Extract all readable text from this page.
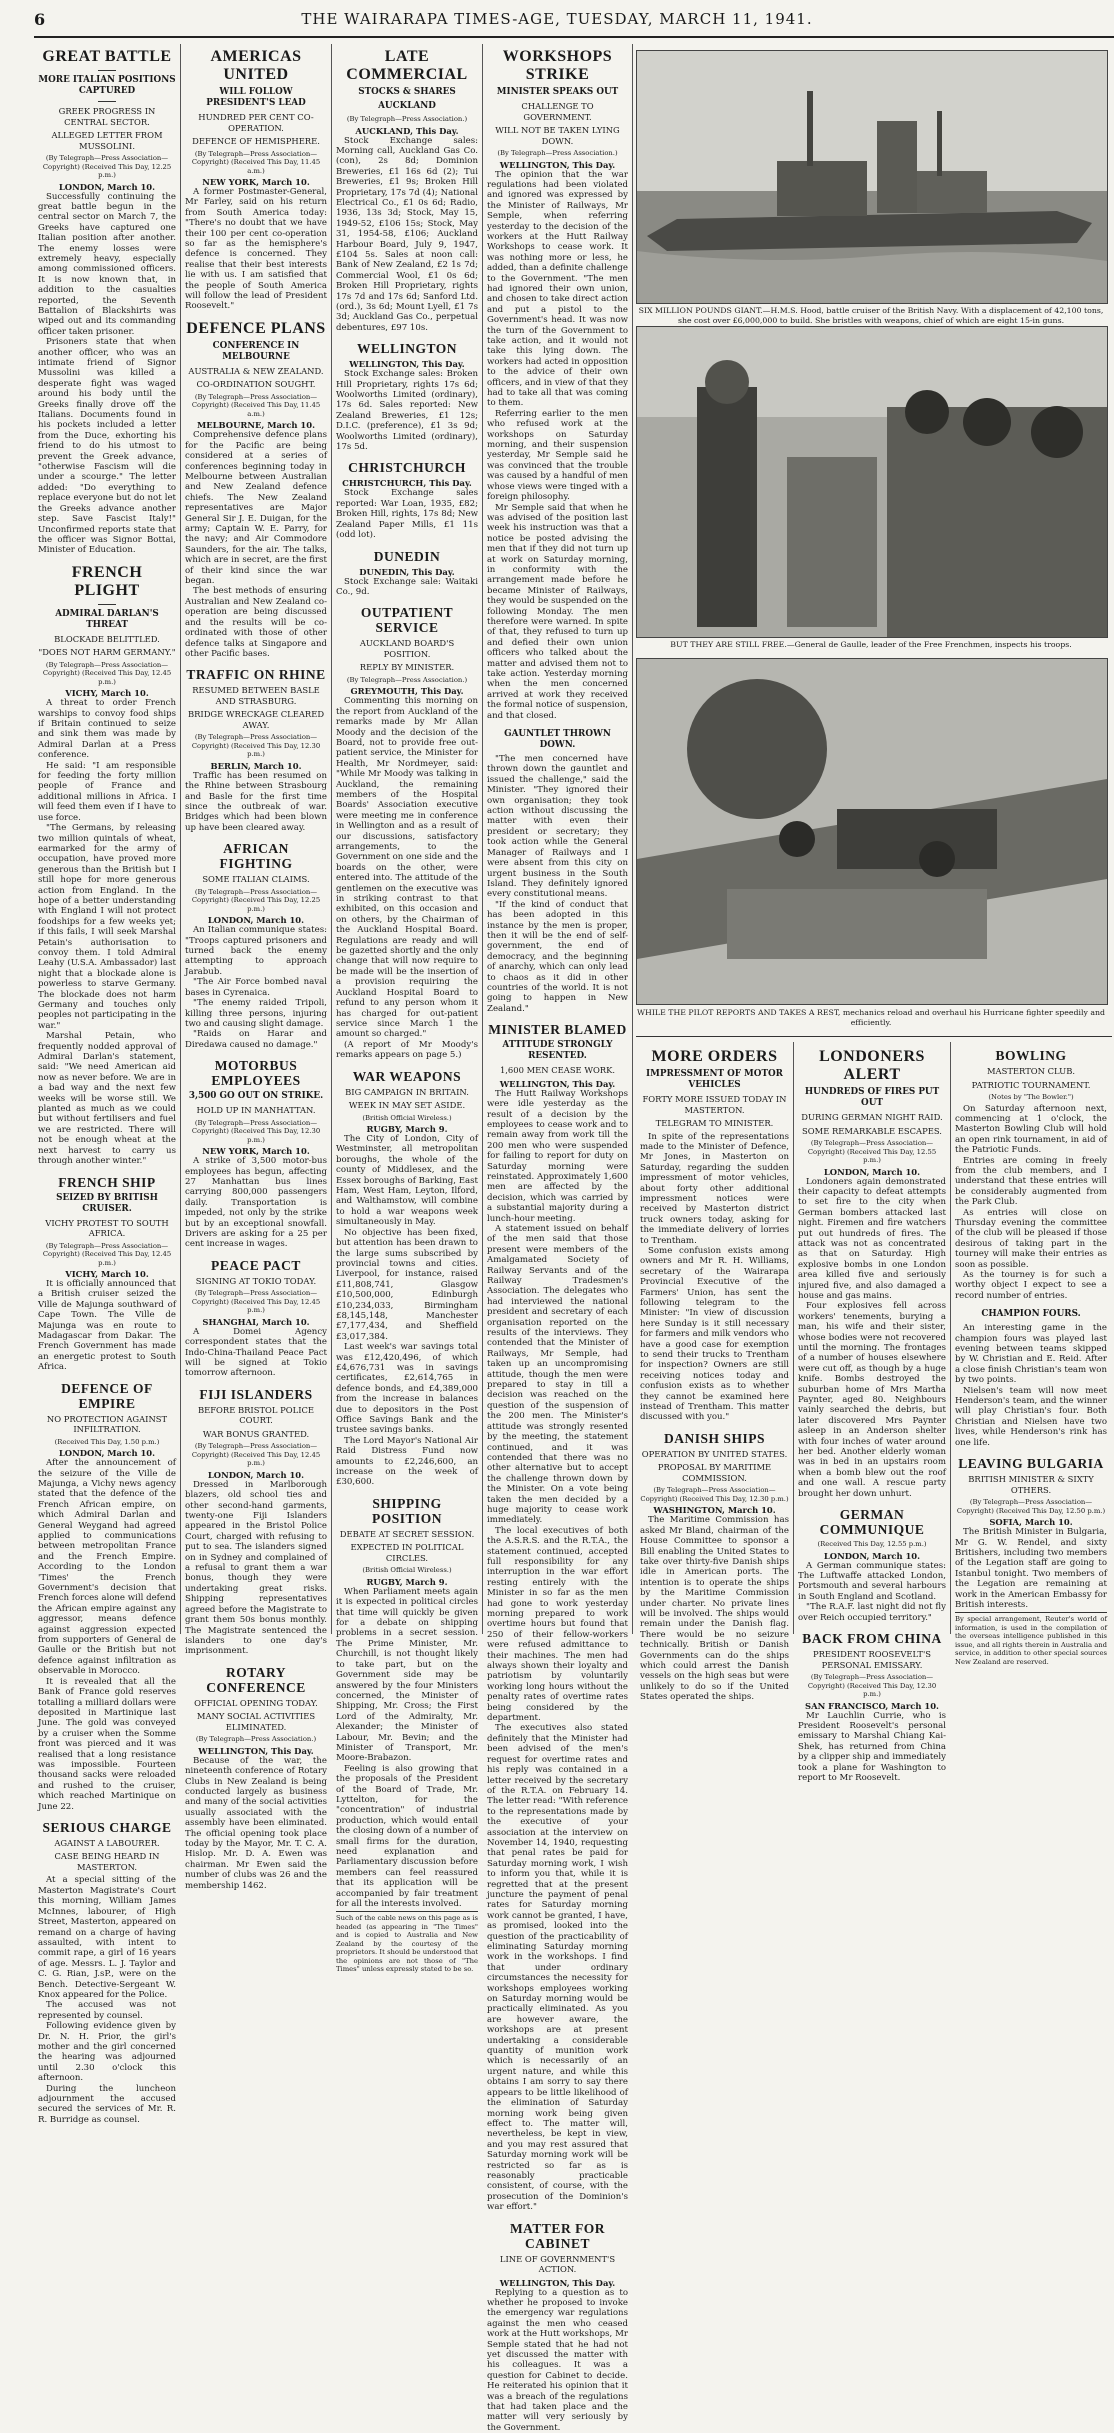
6	THE WAIRARAPA TIMES-AGE, TUESDAY, MARCH 11, 1941.
GREAT BATTLE
MORE ITALIAN POSITIONS CAPTURED
GREEK PROGRESS IN CENTRAL SECTOR.
ALLEGED LETTER FROM MUSSOLINI.
(By Telegraph—Press Association—Copyright) (Received This Day, 12.25 p.m.)
LONDON, March 10.

Successfully continuing the great battle begun in the central sector on March 7, the Greeks have captured one Italian position after another. The enemy losses were extremely heavy, especially among commissioned officers. It is now known that, in addition to the casualties reported, the Seventh Battalion of Blackshirts was wiped out and its commanding officer taken prisoner.

Prisoners state that when another officer, who was an intimate friend of Signor Mussolini was killed a desperate fight was waged around his body until the Greeks finally drove off the Italians. Documents found in his pockets included a letter from the Duce, exhorting his friend to do his utmost to prevent the Greek advance, "otherwise Fascism will die under a scourge." The letter added: "Do everything to replace everyone but do not let the Greeks advance another step. Save Fascist Italy!" Unconfirmed reports state that the officer was Signor Bottai, Minister of Education.

FRENCH PLIGHT
ADMIRAL DARLAN'S THREAT
BLOCKADE BELITTLED.
"DOES NOT HARM GERMANY."
(By Telegraph—Press Association—Copyright) (Received This Day, 12.45 p.m.)
VICHY, March 10.

A threat to order French warships to convoy food ships if Britain continued to seize and sink them was made by Admiral Darlan at a Press conference.

He said: "I am responsible for feeding the forty million people of France and additional millions in Africa. I will feed them even if I have to use force.

"The Germans, by releasing two million quintals of wheat, earmarked for the army of occupation, have proved more generous than the British but I still hope for more generous action from England. In the hope of a better understanding with England I will not protect foodships for a few weeks yet; if this fails, I will seek Marshal Petain's authorisation to convoy them. I told Admiral Leahy (U.S.A. Ambassador) last night that a blockade alone is powerless to starve Germany. The blockade does not harm Germany and touches only peoples not participating in the war."

Marshal Petain, who frequently nodded approval of Admiral Darlan's statement, said: "We need American aid now as never before. We are in a bad way and the next few weeks will be worse still. We planted as much as we could but without fertilisers and fuel we are restricted. There will not be enough wheat at the next harvest to carry us through another winter."

FRENCH SHIP
SEIZED BY BRITISH CRUISER.
VICHY PROTEST TO SOUTH AFRICA.
(By Telegraph—Press Association—Copyright) (Received This Day, 12.45 p.m.)
VICHY, March 10.

It is officially announced that a British cruiser seized the Ville de Majunga southward of Cape Town. The Ville de Majunga was en route to Madagascar from Dakar. The French Government has made an energetic protest to South Africa.

DEFENCE OF EMPIRE
NO PROTECTION AGAINST INFILTRATION.
(Received This Day, 1.50 p.m.)
LONDON, March 10.

After the announcement of the seizure of the Ville de Majunga, a Vichy news agency stated that the defence of the French African empire, on which Admiral Darlan and General Weygand had agreed applied to communications between metropolitan France and the French Empire. According to the London 'Times' the French Government's decision that French forces alone will defend the African empire against any aggressor, means defence against aggression expected from supporters of General de Gaulle or the British but not defence against infiltration as observable in Morocco.

It is revealed that all the Bank of France gold reserves totalling a milliard dollars were deposited in Martinique last June. The gold was conveyed by a cruiser when the Somme front was pierced and it was realised that a long resistance was impossible. Fourteen thousand sacks were reloaded and rushed to the cruiser, which reached Martinique on June 22.

SERIOUS CHARGE
AGAINST A LABOURER.
CASE BEING HEARD IN MASTERTON.

At a special sitting of the Masterton Magistrate's Court this morning, William James McInnes, labourer, of High Street, Masterton, appeared on remand on a charge of having assaulted, with intent to commit rape, a girl of 16 years of age. Messrs. L. J. Taylor and C. G. Rian, J.sP., were on the Bench. Detective-Sergeant W. Knox appeared for the Police.

The accused was not represented by counsel.

Following evidence given by Dr. N. H. Prior, the girl's mother and the girl concerned the hearing was adjourned until 2.30 o'clock this afternoon.

During the luncheon adjournment the accused secured the services of Mr. R. R. Burridge as counsel.

AMERICAS UNITED
WILL FOLLOW PRESIDENT'S LEAD
HUNDRED PER CENT CO-OPERATION.
DEFENCE OF HEMISPHERE.
(By Telegraph—Press Association—Copyright) (Received This Day, 11.45 a.m.)
NEW YORK, March 10.

A former Postmaster-General, Mr Farley, said on his return from South America today: "There's no doubt that we have their 100 per cent co-operation so far as the hemisphere's defence is concerned. They realise that their best interests lie with us. I am satisfied that the people of South America will follow the lead of President Roosevelt."

DEFENCE PLANS
CONFERENCE IN MELBOURNE
AUSTRALIA & NEW ZEALAND.
CO-ORDINATION SOUGHT.
(By Telegraph—Press Association—Copyright) (Received This Day, 11.45 a.m.)
MELBOURNE, March 10.

Comprehensive defence plans for the Pacific are being considered at a series of conferences beginning today in Melbourne between Australian and New Zealand defence chiefs. The New Zealand representatives are Major General Sir J. E. Duigan, for the army; Captain W. E. Parry, for the navy; and Air Commodore Saunders, for the air. The talks, which are in secret, are the first of their kind since the war began.

The best methods of ensuring Australian and New Zealand co-operation are being discussed and the results will be co-ordinated with those of other defence talks at Singapore and other Pacific bases.

TRAFFIC ON RHINE
RESUMED BETWEEN BASLE AND STRASBURG.
BRIDGE WRECKAGE CLEARED AWAY.
(By Telegraph—Press Association—Copyright) (Received This Day, 12.30 p.m.)
BERLIN, March 10.

Traffic has been resumed on the Rhine between Strasbourg and Basle for the first time since the outbreak of war. Bridges which had been blown up have been cleared away.

AFRICAN FIGHTING
SOME ITALIAN CLAIMS.
(By Telegraph—Press Association—Copyright) (Received This Day, 12.25 p.m.)
LONDON, March 10.

An Italian communique states: "Troops captured prisoners and turned back the enemy attempting to approach Jarabub.

"The Air Force bombed naval bases in Cyrenaica.

"The enemy raided Tripoli, killing three persons, injuring two and causing slight damage.

"Raids on Harar and Diredawa caused no damage."

MOTORBUS EMPLOYEES
3,500 GO OUT ON STRIKE.
HOLD UP IN MANHATTAN.
(By Telegraph—Press Association—Copyright) (Received This Day, 12.30 p.m.)
NEW YORK, March 10.

A strike of 3,500 motor-bus employees has begun, affecting 27 Manhattan bus lines carrying 800,000 passengers daily. Transportation is impeded, not only by the strike but by an exceptional snowfall. Drivers are asking for a 25 per cent increase in wages.

PEACE PACT
SIGNING AT TOKIO TODAY.
(By Telegraph—Press Association—Copyright) (Received This Day, 12.45 p.m.)
SHANGHAI, March 10.

A Domei Agency correspondent states that the Indo-China-Thailand Peace Pact will be signed at Tokio tomorrow afternoon.

FIJI ISLANDERS
BEFORE BRISTOL POLICE COURT.
WAR BONUS GRANTED.
(By Telegraph—Press Association—Copyright) (Received This Day, 12.45 p.m.)
LONDON, March 10.

Dressed in Marlborough blazers, old school ties and other second-hand garments, twenty-one Fiji Islanders appeared in the Bristol Police Court, charged with refusing to put to sea. The islanders signed on in Sydney and complained of a refusal to grant them a war bonus, though they were undertaking great risks. Shipping representatives agreed before the Magistrate to grant them 50s bonus monthly. The Magistrate sentenced the islanders to one day's imprisonment.

ROTARY CONFERENCE
OFFICIAL OPENING TODAY.
MANY SOCIAL ACTIVITIES ELIMINATED.
(By Telegraph—Press Association.)
WELLINGTON, This Day.

Because of the war, the nineteenth conference of Rotary Clubs in New Zealand is being conducted largely as business and many of the social activities usually associated with the assembly have been eliminated. The official opening took place today by the Mayor, Mr. T. C. A. Hislop. Mr. D. A. Ewen was chairman. Mr Ewen said the number of clubs was 26 and the membership 1462.

LATE COMMERCIAL
STOCKS & SHARES
AUCKLAND
(By Telegraph—Press Association.)
AUCKLAND, This Day.

Stock Exchange sales: Morning call, Auckland Gas Co. (con), 2s 8d; Dominion Breweries, £1 16s 6d (2); Tui Breweries, £1 9s; Broken Hill Proprietary, 17s 7d (4); National Electrical Co., £1 0s 6d; Radio, 1936, 13s 3d; Stock, May 15, 1949-52, £106 15s; Stock, May 31, 1954-58, £106; Auckland Harbour Board, July 9, 1947, £104 5s. Sales at noon call: Bank of New Zealand, £2 1s 7d; Commercial Wool, £1 0s 6d; Broken Hill Proprietary, rights 17s 7d and 17s 6d; Sanford Ltd. (ord.), 3s 6d; Mount Lyell, £1 7s 3d; Auckland Gas Co., perpetual debentures, £97 10s.

WELLINGTON
WELLINGTON, This Day.

Stock Exchange sales: Broken Hill Proprietary, rights 17s 6d; Woolworths Limited (ordinary), 17s 6d. Sales reported: New Zealand Breweries, £1 12s; D.I.C. (preference), £1 3s 9d; Woolworths Limited (ordinary), 17s 5d.

CHRISTCHURCH
CHRISTCHURCH, This Day.

Stock Exchange sales reported: War Loan, 1935, £82; Broken Hill, rights, 17s 8d; New Zealand Paper Mills, £1 11s (odd lot).

DUNEDIN
DUNEDIN, This Day.

Stock Exchange sale: Waitaki Co., 9d.

OUTPATIENT SERVICE
AUCKLAND BOARD'S POSITION.
REPLY BY MINISTER.
(By Telegraph—Press Association.)
GREYMOUTH, This Day.

Commenting this morning on the report from Auckland of the remarks made by Mr Allan Moody and the decision of the Board, not to provide free out-patient service, the Minister for Health, Mr Nordmeyer, said: "While Mr Moody was talking in Auckland, the remaining members of the Hospital Boards' Association executive were meeting me in conference in Wellington and as a result of our discussions, satisfactory arrangements, to the Government on one side and the boards on the other, were entered into. The attitude of the gentlemen on the executive was in striking contrast to that exhibited, on this occasion and on others, by the Chairman of the Auckland Hospital Board. Regulations are ready and will be gazetted shortly and the only change that will now require to be made will be the insertion of a provision requiring the Auckland Hospital Board to refund to any person whom it has charged for out-patient service since March 1 the amount so charged."

(A report of Mr Moody's remarks appears on page 5.)

WAR WEAPONS
BIG CAMPAIGN IN BRITAIN.
WEEK IN MAY SET ASIDE.
(British Official Wireless.)
RUGBY, March 9.

The City of London, City of Westminster, all metropolitan boroughs, the whole of the county of Middlesex, and the Essex boroughs of Barking, East Ham, West Ham, Leyton, Ilford, and Walthamstow, will combine to hold a war weapons week simultaneously in May.

No objective has been fixed, but attention has been drawn to the large sums subscribed by provincial towns and cities. Liverpool, for instance, raised £11,808,741, Glasgow £10,500,000, Edinburgh £10,234,033, Birmingham £8,145,148, Manchester £7,177,434, and Sheffield £3,017,384.

Last week's war savings total was £12,420,496, of which £4,676,731 was in savings certificates, £2,614,765 in defence bonds, and £4,389,000 from the increase in balances due to depositors in the Post Office Savings Bank and the trustee savings banks.

The Lord Mayor's National Air Raid Distress Fund now amounts to £2,246,600, an increase on the week of £30,600.

SHIPPING POSITION
DEBATE AT SECRET SESSION.
EXPECTED IN POLITICAL CIRCLES.
(British Official Wireless.)
RUGBY, March 9.

When Parliament meets again it is expected in political circles that time will quickly be given for a debate on shipping problems in a secret session. The Prime Minister, Mr. Churchill, is not thought likely to take part, but on the Government side may be answered by the four Ministers concerned, the Minister of Shipping, Mr. Cross; the First Lord of the Admiralty, Mr. Alexander; the Minister of Labour, Mr. Bevin; and the Minister of Transport, Mr. Moore-Brabazon.

Feeling is also growing that the proposals of the President of the Board of Trade, Mr. Lyttelton, for the "concentration" of industrial production, which would entail the closing down of a number of small firms for the duration, need explanation and Parliamentary discussion before members can feel reassured that its application will be accompanied by fair treatment for all the interests involved.

Such of the cable news on this page as is headed (as appearing in "The Times" and is copied to Australia and New Zealand by the courtesy of the proprietors. It should be understood that the opinions are not those of "The Times" unless expressly stated to be so.

WORKSHOPS STRIKE
MINISTER SPEAKS OUT
CHALLENGE TO GOVERNMENT.
WILL NOT BE TAKEN LYING DOWN.
(By Telegraph—Press Association.)
WELLINGTON, This Day.

The opinion that the war regulations had been violated and ignored was expressed by the Minister of Railways, Mr Semple, when referring yesterday to the decision of the workers at the Hutt Railway Workshops to cease work. It was nothing more or less, he added, than a definite challenge to the Government. "The men had ignored their own union, and chosen to take direct action and put a pistol to the Government's head. It was now the turn of the Government to take action, and it would not take this lying down. The workers had acted in opposition to the advice of their own officers, and in view of that they had to take all that was coming to them.

Referring earlier to the men who refused work at the workshops on Saturday morning, and their suspension yesterday, Mr Semple said he was convinced that the trouble was caused by a handful of men whose views were tinged with a foreign philosophy.

Mr Semple said that when he was advised of the position last week his instruction was that a notice be posted advising the men that if they did not turn up at work on Saturday morning, in conformity with the arrangement made before he became Minister of Railways, they would be suspended on the following Monday. The men therefore were warned. In spite of that, they refused to turn up and defied their own union officers who talked about the matter and advised them not to take action. Yesterday morning when the men concerned arrived at work they received the formal notice of suspension, and that closed.

GAUNTLET THROWN DOWN.

"The men concerned have thrown down the gauntlet and issued the challenge," said the Minister. "They ignored their own organisation; they took action without discussing the matter with even their president or secretary; they took action while the General Manager of Railways and I were absent from this city on urgent business in the South Island. They definitely ignored every constitutional means.

"If the kind of conduct that has been adopted in this instance by the men is proper, then it will be the end of self-government, the end of democracy, and the beginning of anarchy, which can only lead to chaos as it did in other countries of the world. It is not going to happen in New Zealand."

MINISTER BLAMED
ATTITUDE STRONGLY RESENTED.
1,600 MEN CEASE WORK.
WELLINGTON, This Day.

The Hutt Railway Workshops were idle yesterday as the result of a decision by the employees to cease work and to remain away from work till the 200 men who were suspended for failing to report for duty on Saturday morning were reinstated. Approximately 1,600 men are affected by the decision, which was carried by a substantial majority during a lunch-hour meeting.

A statement issued on behalf of the men said that those present were members of the Amalgamated Society of Railway Servants and of the Railway Tradesmen's Association. The delegates who had interviewed the national president and secretary of each organisation reported on the results of the interviews. They contended that the Minister of Railways, Mr Semple, had taken up an uncompromising attitude, though the men were prepared to stay in till a decision was reached on the question of the suspension of the 200 men. The Minister's attitude was strongly resented by the meeting, the statement continued, and it was contended that there was no other alternative but to accept the challenge thrown down by the Minister. On a vote being taken the men decided by a huge majority to cease work immediately.

The local executives of both the A.S.R.S. and the R.T.A., the statement continued, accepted full responsibility for any interruption in the war effort resting entirely with the Minister in so far as the men had gone to work yesterday morning prepared to work overtime hours but found that 250 of their fellow-workers were refused admittance to their machines. The men had always shown their loyalty and patriotism by voluntarily working long hours without the penalty rates of overtime rates being considered by the department.

The executives also stated definitely that the Minister had been advised of the men's request for overtime rates and his reply was contained in a letter received by the secretary of the R.T.A. on February 14. The letter read: "With reference to the representations made by the executive of your association at the interview on November 14, 1940, requesting that penal rates be paid for Saturday morning work, I wish to inform you that, while it is regretted that at the present juncture the payment of penal rates for Saturday morning work cannot be granted, I have, as promised, looked into the question of the practicability of eliminating Saturday morning work in the workshops. I find that under ordinary circumstances the necessity for workshops employees working on Saturday morning would be practically eliminated. As you are however aware, the workshops are at present undertaking a considerable quantity of munition work which is necessarily of an urgent nature, and while this obtains I am sorry to say there appears to be little likelihood of the elimination of Saturday morning work being given effect to. The matter will, nevertheless, be kept in view, and you may rest assured that Saturday morning work will be restricted so far as is reasonably practicable consistent, of course, with the prosecution of the Dominion's war effort."

MATTER FOR CABINET
LINE OF GOVERNMENT'S ACTION.
WELLINGTON, This Day.

Replying to a question as to whether he proposed to invoke the emergency war regulations against the men who ceased work at the Hutt workshops, Mr Semple stated that he had not yet discussed the matter with his colleagues. It was a question for Cabinet to decide. He reiterated his opinion that it was a breach of the regulations that had taken place and the matter will very seriously by the Government.

SIX MILLION POUNDS GIANT.—H.M.S. Hood, battle cruiser of the British Navy. With a displacement of 42,100 tons, she cost over £6,000,000 to build. She bristles with weapons, chief of which are eight 15-in guns.
BUT THEY ARE STILL FREE.—General de Gaulle, leader of the Free Frenchmen, inspects his troops.
WHILE THE PILOT REPORTS AND TAKES A REST, mechanics reload and overhaul his Hurricane fighter speedily and efficiently.
MORE ORDERS
IMPRESSMENT OF MOTOR VEHICLES
FORTY MORE ISSUED TODAY IN MASTERTON.
TELEGRAM TO MINISTER.

In spite of the representations made to the Minister of Defence, Mr Jones, in Masterton on Saturday, regarding the sudden impressment of motor vehicles, about forty other additional impressment notices were received by Masterton district truck owners today, asking for the immediate delivery of lorries to Trentham.

Some confusion exists among owners and Mr R. H. Williams, secretary of the Wairarapa Provincial Executive of the Farmers' Union, has sent the following telegram to the Minister: "In view of discussion here Sunday is it still necessary for farmers and milk vendors who have a good case for exemption to send their trucks to Trentham for inspection? Owners are still receiving notices today and confusion exists as to whether they cannot be examined here instead of Trentham. This matter discussed with you."

DANISH SHIPS
OPERATION BY UNITED STATES.
PROPOSAL BY MARITIME COMMISSION.
(By Telegraph—Press Association—Copyright) (Received This Day, 12.30 p.m.)
WASHINGTON, March 10.

The Maritime Commission has asked Mr Bland, chairman of the House Committee to sponsor a Bill enabling the United States to take over thirty-five Danish ships idle in American ports. The intention is to operate the ships by the Maritime Commission under charter. No private lines will be involved. The ships would remain under the Danish flag. There would be no seizure technically. British or Danish Governments can do the ships which could arrest the Danish vessels on the high seas but were unlikely to do so if the United States operated the ships.

LONDONERS ALERT
HUNDREDS OF FIRES PUT OUT
DURING GERMAN NIGHT RAID.
SOME REMARKABLE ESCAPES.
(By Telegraph—Press Association—Copyright) (Received This Day, 12.55 p.m.)
LONDON, March 10.

Londoners again demonstrated their capacity to defeat attempts to set fire to the city when German bombers attacked last night. Firemen and fire watchers put out hundreds of fires. The attack was not as concentrated as that on Saturday. High explosive bombs in one London area killed five and seriously injured five, and also damaged a house and gas mains.

Four explosives fell across workers' tenements, burying a man, his wife and their sister, whose bodies were not recovered until the morning. The frontages of a number of houses elsewhere were cut off, as though by a huge knife. Bombs destroyed the suburban home of Mrs Martha Paynter, aged 80. Neighbours vainly searched the debris, but later discovered Mrs Paynter asleep in an Anderson shelter with four inches of water around her bed. Another elderly woman was in bed in an upstairs room when a bomb blew out the roof and one wall. A rescue party brought her down unhurt.

GERMAN COMMUNIQUE
(Received This Day, 12.55 p.m.)
LONDON, March 10.

A German communique states: The Luftwaffe attacked London, Portsmouth and several harbours in South England and Scotland.

"The R.A.F. last night did not fly over Reich occupied territory."

BACK FROM CHINA
PRESIDENT ROOSEVELT'S PERSONAL EMISSARY.
(By Telegraph—Press Association—Copyright) (Received This Day, 12.30 p.m.)
SAN FRANCISCO, March 10.

Mr Lauchlin Currie, who is President Roosevelt's personal emissary to Marshal Chiang Kai-Shek, has returned from China by a clipper ship and immediately took a plane for Washington to report to Mr Roosevelt.

BOWLING
MASTERTON CLUB.
PATRIOTIC TOURNAMENT.
(Notes by "The Bowler.")

On Saturday afternoon next, commencing at 1 o'clock, the Masterton Bowling Club will hold an open rink tournament, in aid of the Patriotic Funds.

Entries are coming in freely from the club members, and I understand that these entries will be considerably augmented from the Park Club.

As entries will close on Thursday evening the committee of the club will be pleased if those desirous of taking part in the tourney will make their entries as soon as possible.

As the tourney is for such a worthy object I expect to see a record number of entries.

CHAMPION FOURS.

An interesting game in the champion fours was played last evening between teams skipped by W. Christian and E. Reid. After a close finish Christian's team won by two points.

Nielsen's team will now meet Henderson's team, and the winner will play Christian's four. Both Christian and Nielsen have two lives, while Henderson's rink has one life.

LEAVING BULGARIA
BRITISH MINISTER & SIXTY OTHERS.
(By Telegraph—Press Association—Copyright) (Received This Day, 12.50 p.m.)
SOFIA, March 10.

The British Minister in Bulgaria, Mr G. W. Rendel, and sixty Britishers, including two members of the Legation staff are going to Istanbul tonight. Two members of the Legation are remaining at work in the American Embassy for British interests.

By special arrangement, Reuter's world of information, is used in the compilation of the overseas intelligence published in this issue, and all rights therein in Australia and service, in addition to other special sources New Zealand are reserved.
